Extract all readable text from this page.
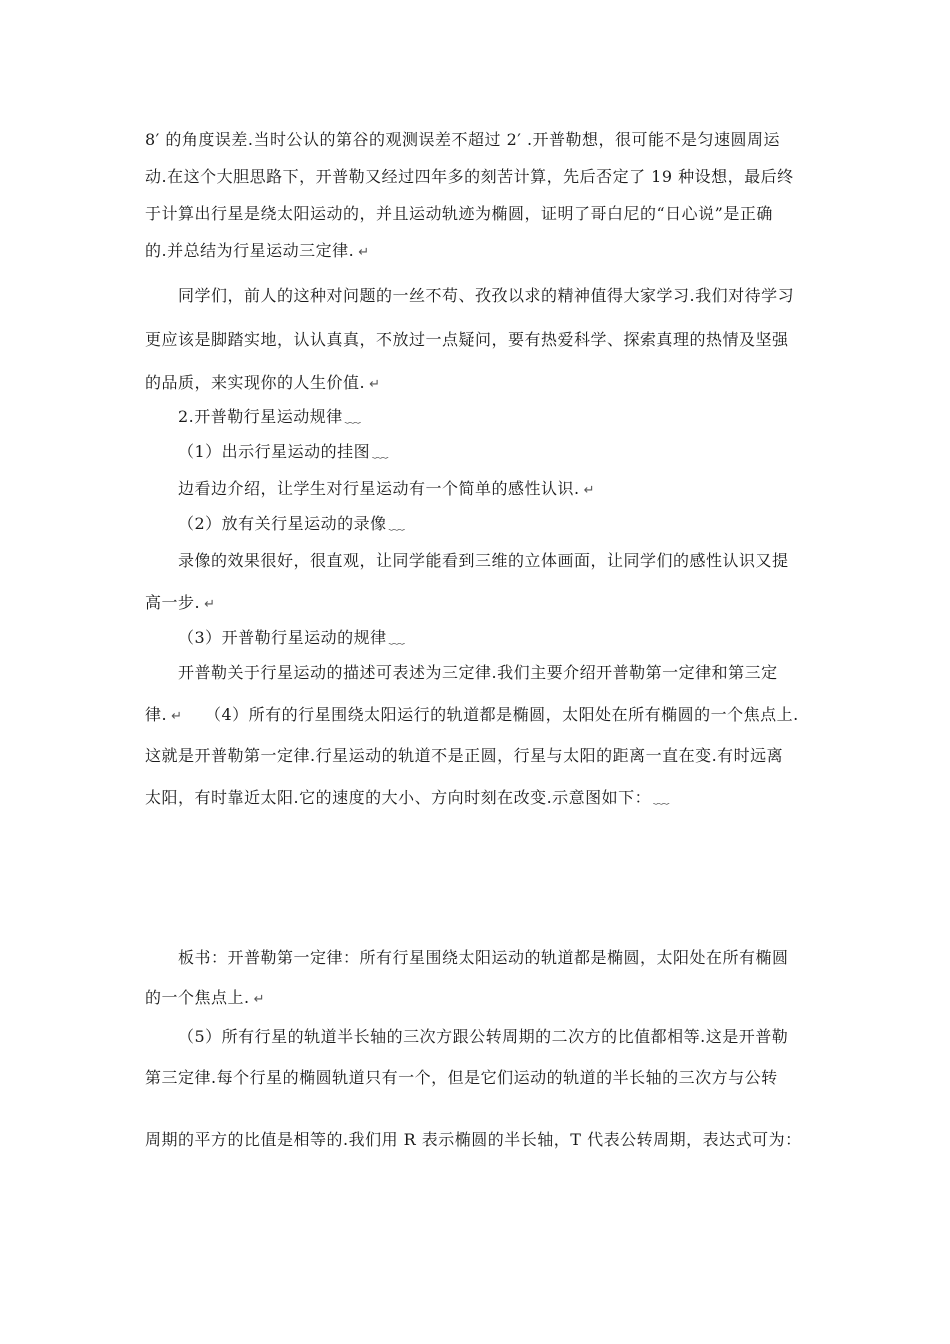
8′ 的角度误差.当时公认的第谷的观测误差不超过 2′ .开普勒想，很可能不是匀速圆周运
动.在这个大胆思路下，开普勒又经过四年多的刻苦计算，先后否定了 19 种设想，最后终
于计算出行星是绕太阳运动的，并且运动轨迹为椭圆，证明了哥白尼的“日心说”是正确
的.并总结为行星运动三定律. ↵
同学们，前人的这种对问题的一丝不苟、孜孜以求的精神值得大家学习.我们对待学习
更应该是脚踏实地，认认真真，不放过一点疑问，要有热爱科学、探索真理的热情及坚强
的品质，来实现你的人生价值. ↵
2.开普勒行星运动规律 ﹏
（1）出示行星运动的挂图 ﹏
边看边介绍，让学生对行星运动有一个简单的感性认识. ↵
（2）放有关行星运动的录像 ﹏
录像的效果很好，很直观，让同学能看到三维的立体画面，让同学们的感性认识又提
高一步. ↵
（3）开普勒行星运动的规律 ﹏
开普勒关于行星运动的描述可表述为三定律.我们主要介绍开普勒第一定律和第三定
律. ↵ （4）所有的行星围绕太阳运行的轨道都是椭圆，太阳处在所有椭圆的一个焦点上.
这就是开普勒第一定律.行星运动的轨道不是正圆，行星与太阳的距离一直在变.有时远离
太阳，有时靠近太阳.它的速度的大小、方向时刻在改变.示意图如下： ﹏
板书：开普勒第一定律：所有行星围绕太阳运动的轨道都是椭圆，太阳处在所有椭圆
的一个焦点上. ↵
（5）所有行星的轨道半长轴的三次方跟公转周期的二次方的比值都相等.这是开普勒
第三定律.每个行星的椭圆轨道只有一个，但是它们运动的轨道的半长轴的三次方与公转
周期的平方的比值是相等的.我们用 R 表示椭圆的半长轴，T 代表公转周期，表达式可为：
